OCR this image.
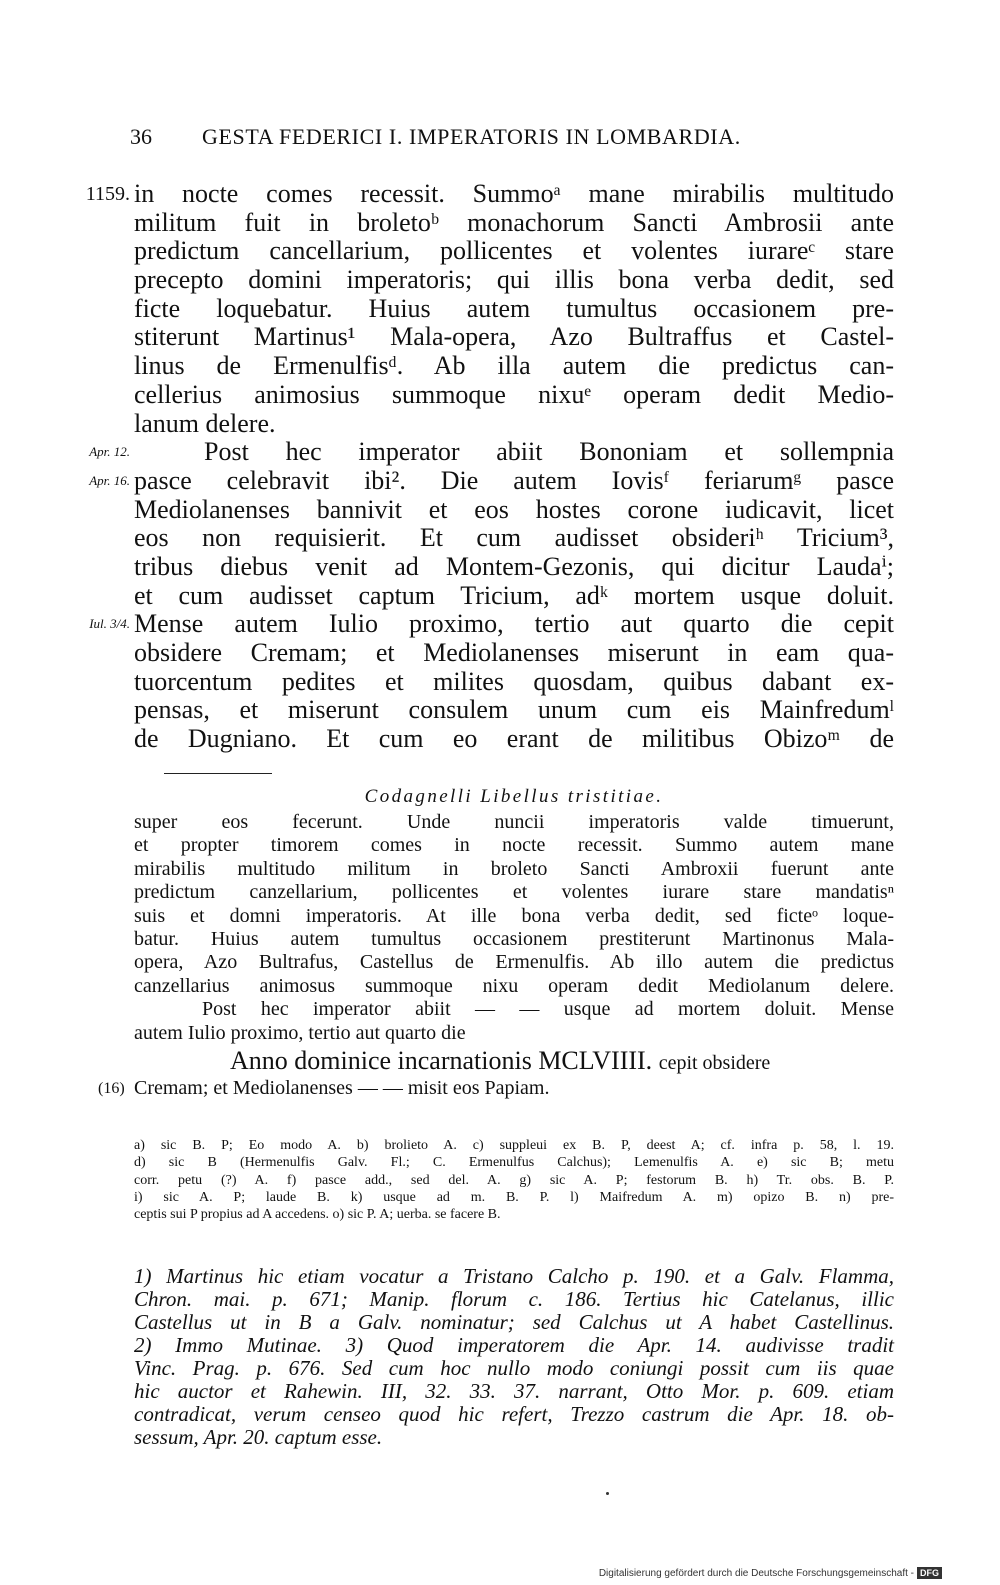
36 GESTA FEDERICI I. IMPERATORIS IN LOMBARDIA.
1159. in nocte comes recessit. Summoᵃ mane mirabilis multitudo
militum fuit in broletoᵇ monachorum Sancti Ambrosii ante
predictum cancellarium, pollicentes et volentes iurareᶜ stare
precepto domini imperatoris; qui illis bona verba dedit, sed
ficte loquebatur. Huius autem tumultus occasionem pre-
stiterunt Martinus¹ Mala-opera, Azo Bultraffus et Castel-
linus de Ermenulfisᵈ. Ab illa autem die predictus can-
cellerius animosius summoque nixuᵉ operam dedit Medio-
lanum delere.
Apr. 12.	Post hec imperator abiit Bononiam et sollempnia
Apr. 16. pasce celebravit ibi². Die autem Iovisᶠ feriarumᵍ pasce
Mediolanenses bannivit et eos hostes corone iudicavit, licet
eos non requisierit. Et cum audisset obsideriʰ Tricium³,
tribus diebus venit ad Montem-Gezonis, qui dicitur Laudaⁱ;
et cum audisset captum Tricium, adᵏ mortem usque doluit.
Iul. 3/4. Mense autem Iulio proximo, tertio aut quarto die cepit
obsidere Cremam; et Mediolanenses miserunt in eam qua-
tuorcentum pedites et milites quosdam, quibus dabant ex-
pensas, et miserunt consulem unum cum eis Mainfredumˡ
de Dugniano. Et cum eo erant de militibus Obizoᵐ de
Codagnelli Libellus tristitiae.
super eos fecerunt. Unde nuncii imperatoris valde timuerunt,
et propter timorem comes in nocte recessit. Summo autem mane
mirabilis multitudo militum in broleto Sancti Ambroxii fuerunt ante
predictum canzellarium, pollicentes et volentes iurare stare mandatisⁿ
suis et domni imperatoris. At ille bona verba dedit, sed ficteᵒ loque-
batur. Huius autem tumultus occasionem prestiterunt Martinonus Mala-
opera, Azo Bultrafus, Castellus de Ermenulfis. Ab illo autem die predictus
canzellarius animosus summoque nixu operam dedit Mediolanum delere.
Post hec imperator abiit — — usque ad mortem doluit. Mense
autem Iulio proximo, tertio aut quarto die
Anno dominice incarnationis MCLVIIII. cepit obsidere
(16) Cremam; et Mediolanenses — — misit eos Papiam.
a) sic B. P; Eo modo A. b) brolieto A. c) suppleui ex B. P, deest A; cf. infra p. 58, l. 19.
d) sic B (Hermenulfis Galv. Fl.; C. Ermenulfus Calchus); Lemenulfis A. e) sic B; metu
corr. petu (?) A. f) pasce add., sed del. A. g) sic A. P; festorum B. h) Tr. obs. B. P.
i) sic A. P; laude B. k) usque ad m. B. P. l) Maifredum A. m) opizo B. n) pre-
ceptis sui P propius ad A accedens. o) sic P. A; uerba. se facere B.
1) Martinus hic etiam vocatur a Tristano Calcho p. 190. et a Galv. Flamma,
Chron. mai. p. 671; Manip. florum c. 186. Tertius hic Catelanus, illic
Castellus ut in B a Galv. nominatur; sed Calchus ut A habet Castellinus.
2) Immo Mutinae. 3) Quod imperatorem die Apr. 14. audivisse tradit
Vinc. Prag. p. 676. Sed cum hoc nullo modo coniungi possit cum iis quae
hic auctor et Rahewin. III, 32. 33. 37. narrant, Otto Mor. p. 609. etiam
contradicat, verum censeo quod hic refert, Trezzo castrum die Apr. 18. ob-
sessum, Apr. 20. captum esse.
Digitalisierung gefördert durch die Deutsche Forschungsgemeinschaft - DFG
